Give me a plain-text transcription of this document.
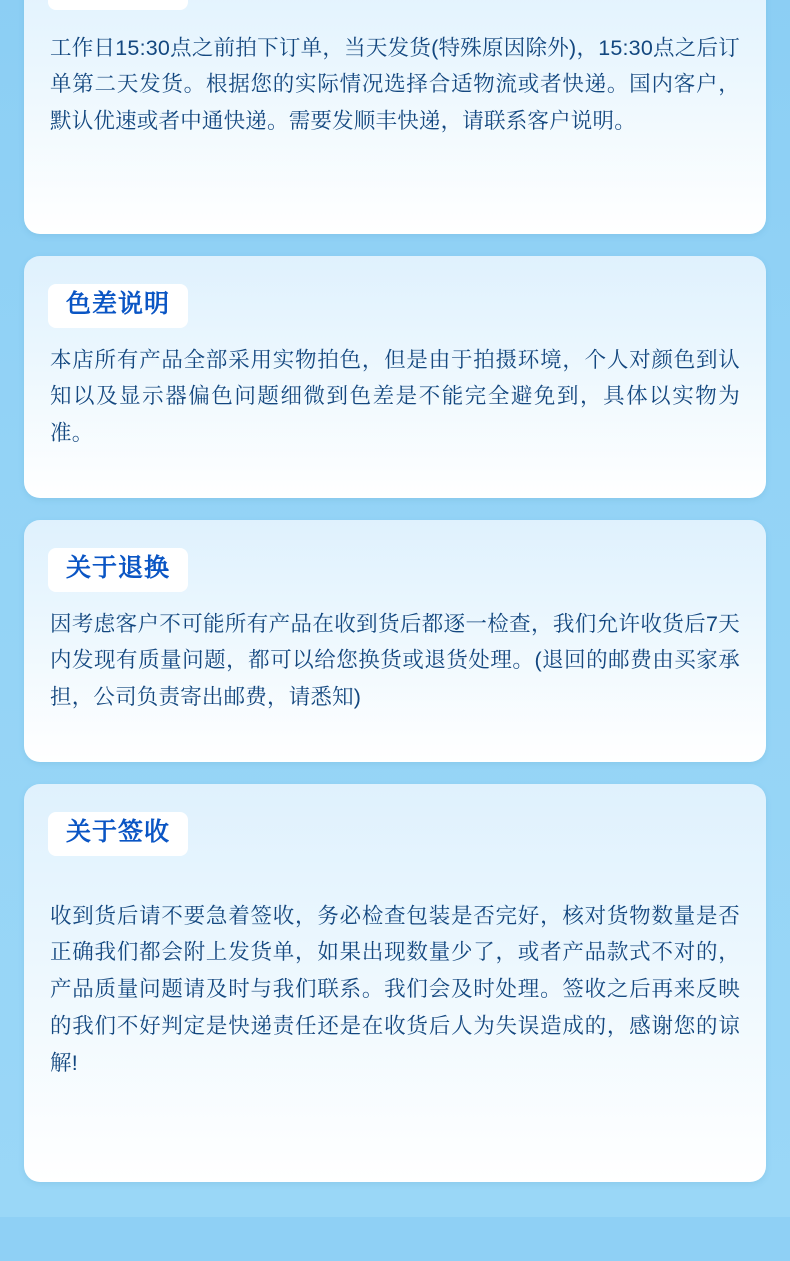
工作日15:30点之前拍下订单，当天发货(特殊原因除外)，15:30点之后订单第二天发货。根据您的实际情况选择合适物流或者快递。国内客户，默认优速或者中通快递。需要发顺丰快递，请联系客户说明。

色差说明

本店所有产品全部采用实物拍色，但是由于拍摄环境，个人对颜色到认知以及显示器偏色问题细微到色差是不能完全避免到，具体以实物为准。

关于退换

因考虑客户不可能所有产品在收到货后都逐一检查，我们允许收货后7天内发现有质量问题，都可以给您换货或退货处理。(退回的邮费由买家承担，公司负责寄出邮费，请悉知)

关于签收

收到货后请不要急着签收，务必检查包装是否完好，核对货物数量是否正确我们都会附上发货单，如果出现数量少了，或者产品款式不对的，产品质量问题请及时与我们联系。我们会及时处理。签收之后再来反映的我们不好判定是快递责任还是在收货后人为失误造成的，感谢您的谅解!
